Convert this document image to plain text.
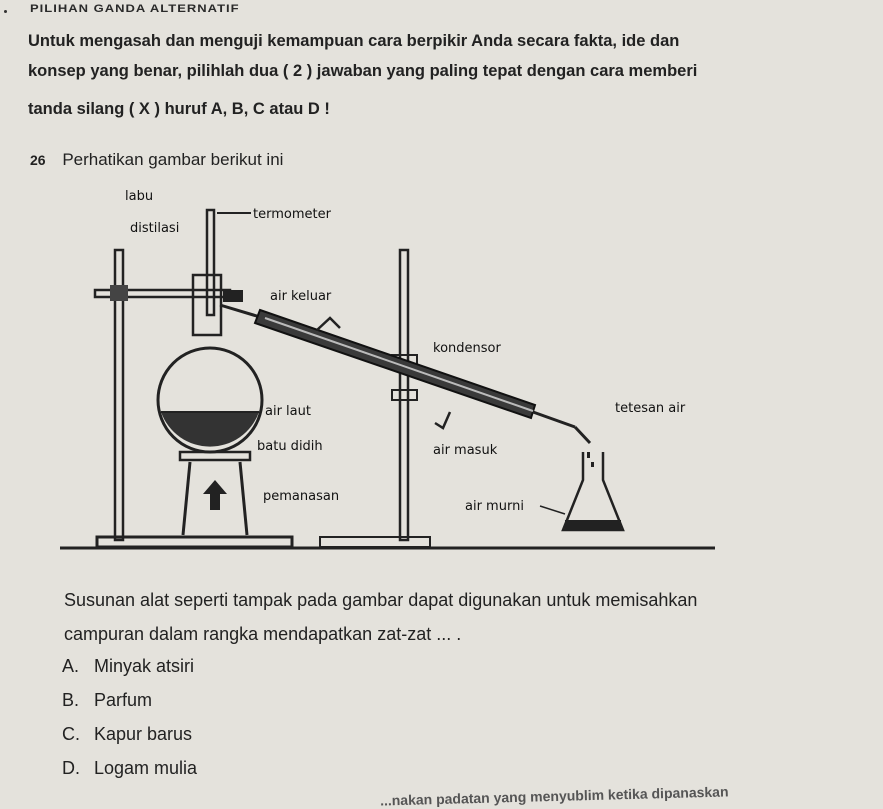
PILIHAN GANDA ALTERNATIF
Untuk mengasah dan menguji kemampuan cara berpikir Anda secara fakta, ide dan
konsep yang benar, pilihlah dua ( 2 ) jawaban yang paling tepat dengan cara memberi
tanda silang ( X ) huruf A, B, C atau D !
26 Perhatikan gambar berikut ini
labu
distilasi
termometer
air keluar
kondensor
tetesan air
air laut
batu didih	air masuk
pemanasan
air murni
Susunan alat seperti tampak pada gambar dapat digunakan untuk memisahkan
campuran dalam rangka mendapatkan zat-zat ... .
A. Minyak atsiri
B. Parfum
C. Kapur barus
D. Logam mulia
...nakan padatan yang menyublim ketika dipanaskan
